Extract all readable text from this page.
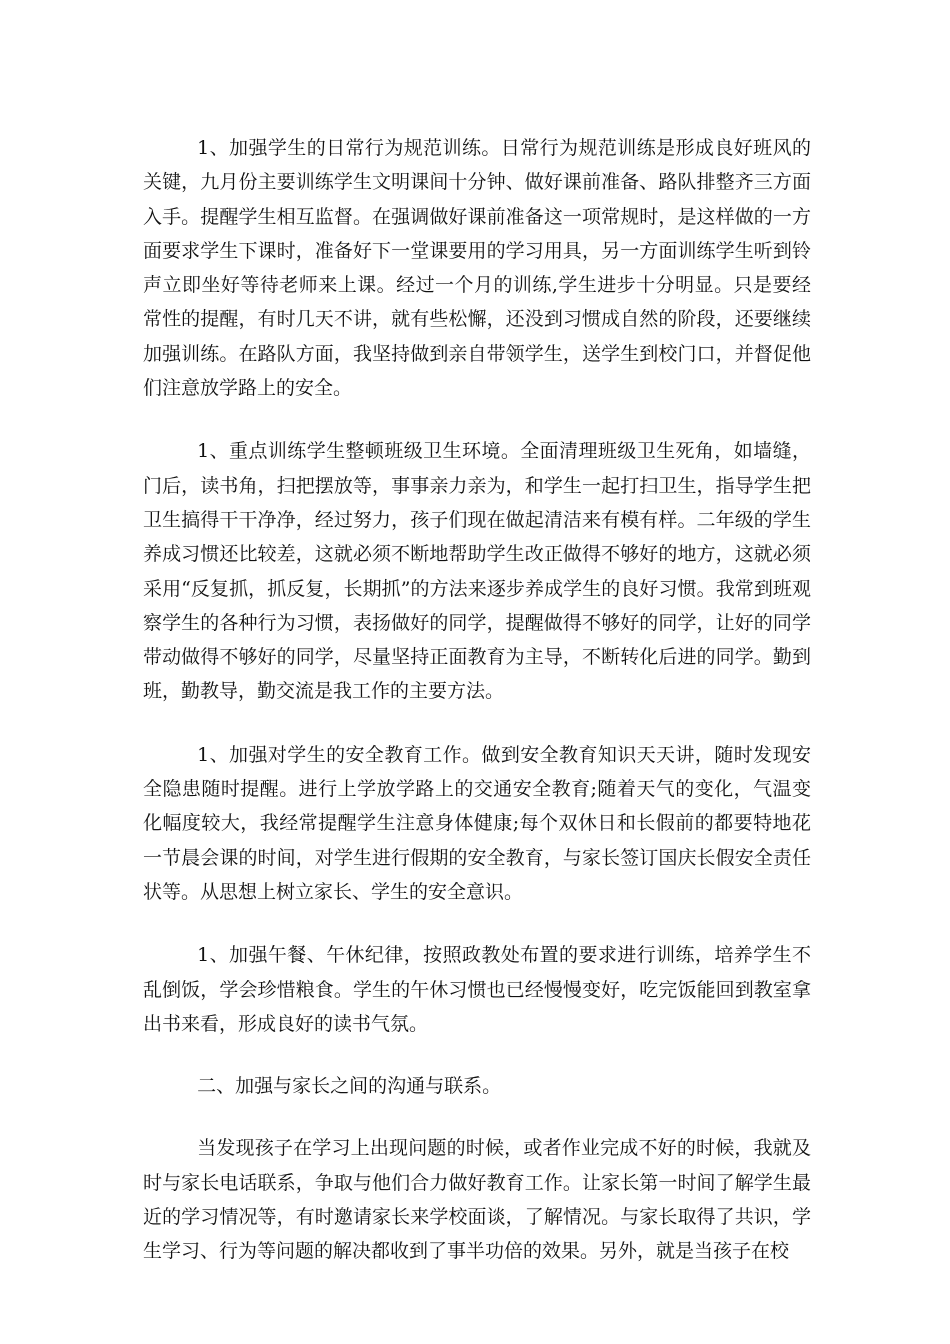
1、加强学生的日常行为规范训练。日常行为规范训练是形成良好班风的关键，九月份主要训练学生文明课间十分钟、做好课前准备、路队排整齐三方面入手。提醒学生相互监督。在强调做好课前准备这一项常规时，是这样做的一方面要求学生下课时，准备好下一堂课要用的学习用具，另一方面训练学生听到铃声立即坐好等待老师来上课。经过一个月的训练,学生进步十分明显。只是要经常性的提醒，有时几天不讲，就有些松懈，还没到习惯成自然的阶段，还要继续加强训练。在路队方面，我坚持做到亲自带领学生，送学生到校门口，并督促他们注意放学路上的安全。

1、重点训练学生整顿班级卫生环境。全面清理班级卫生死角，如墙缝，门后，读书角，扫把摆放等，事事亲力亲为，和学生一起打扫卫生，指导学生把卫生搞得干干净净，经过努力，孩子们现在做起清洁来有模有样。二年级的学生养成习惯还比较差，这就必须不断地帮助学生改正做得不够好的地方，这就必须采用“反复抓，抓反复，长期抓”的方法来逐步养成学生的良好习惯。我常到班观察学生的各种行为习惯，表扬做好的同学，提醒做得不够好的同学，让好的同学带动做得不够好的同学，尽量坚持正面教育为主导，不断转化后进的同学。勤到班，勤教导，勤交流是我工作的主要方法。

1、加强对学生的安全教育工作。做到安全教育知识天天讲，随时发现安全隐患随时提醒。进行上学放学路上的交通安全教育;随着天气的变化，气温变化幅度较大，我经常提醒学生注意身体健康;每个双休日和长假前的都要特地花一节晨会课的时间，对学生进行假期的安全教育，与家长签订国庆长假安全责任状等。从思想上树立家长、学生的安全意识。

1、加强午餐、午休纪律，按照政教处布置的要求进行训练，培养学生不乱倒饭，学会珍惜粮食。学生的午休习惯也已经慢慢变好，吃完饭能回到教室拿出书来看，形成良好的读书气氛。

二、加强与家长之间的沟通与联系。

当发现孩子在学习上出现问题的时候，或者作业完成不好的时候，我就及时与家长电话联系，争取与他们合力做好教育工作。让家长第一时间了解学生最近的学习情况等，有时邀请家长来学校面谈，了解情况。与家长取得了共识，学生学习、行为等问题的解决都收到了事半功倍的效果。另外，就是当孩子在校
